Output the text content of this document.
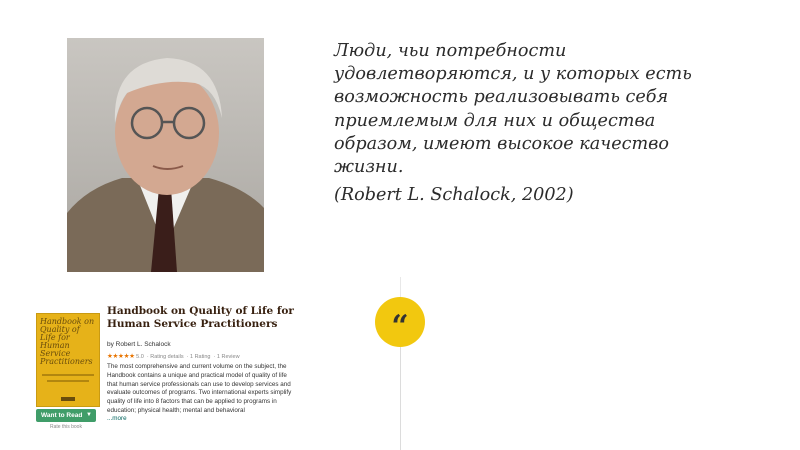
Люди, чьи потребности
удовлетворяются, и у которых есть
возможность реализовывать себя
приемлемым для них и общества
образом, имеют высокое качество
жизни.

(Robert L. Schalock, 2002)

Handbook on Quality of Life for Human Service Practitioners
Want to Read ▼
Rate this book
Handbook on Quality of Life for Human Service Practitioners
by Robert L. Schalock
★★★★★ 5.0  · Rating details  · 1 Rating  · 1 Review
The most comprehensive and current volume on the subject, the Handbook contains a unique and practical model of quality of life that human service professionals can use to develop services and evaluate outcomes of programs. Two international experts simplify quality of life into 8 factors that can be applied to programs in education; physical health; mental and behavioral
...more
“
